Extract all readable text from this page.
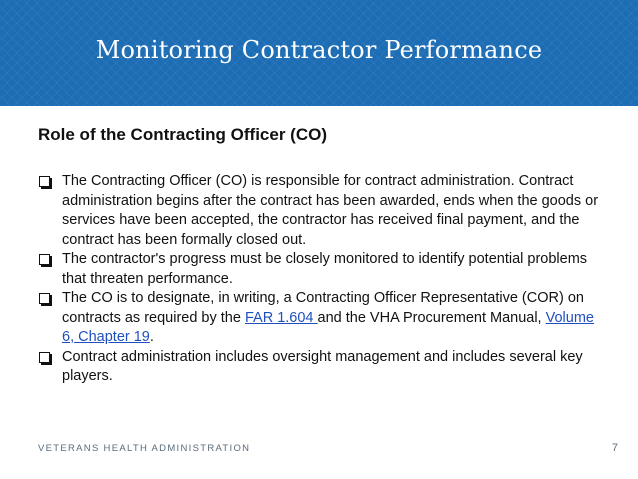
Monitoring Contractor Performance
Role of the Contracting Officer (CO)
The Contracting Officer (CO) is responsible for contract administration. Contract administration begins after the contract has been awarded, ends when the goods or services have been accepted, the contractor has received final payment, and the contract has been formally closed out.
The contractor's progress must be closely monitored to identify potential problems that threaten performance.
The CO is to designate, in writing, a Contracting Officer Representative (COR) on contracts as required by the FAR 1.604 and the VHA Procurement Manual, Volume 6, Chapter 19.
Contract administration includes oversight management and includes several key players.
VETERANS HEALTH ADMINISTRATION	7
